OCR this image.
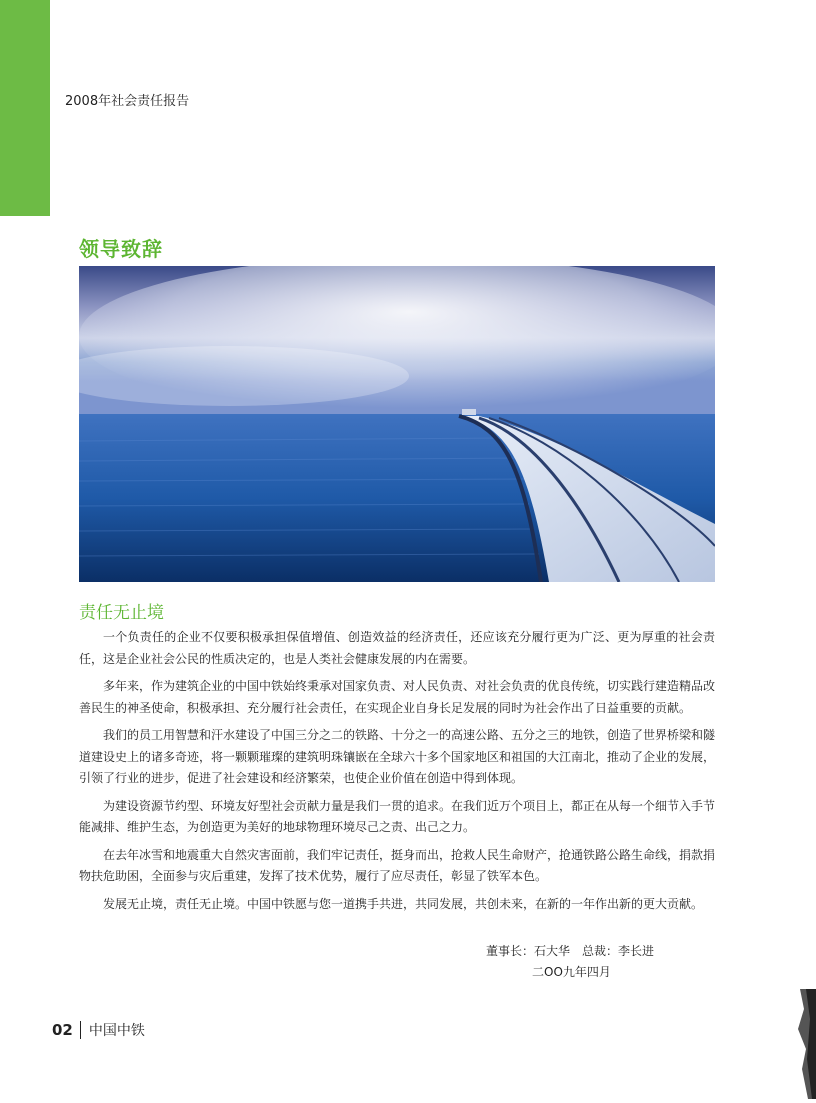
2008年社会责任报告
领导致辞
责任无止境

一个负责任的企业不仅要积极承担保值增值、创造效益的经济责任，还应该充分履行更为广泛、更为厚重的社会责任，这是企业社会公民的性质决定的，也是人类社会健康发展的内在需要。

多年来，作为建筑企业的中国中铁始终秉承对国家负责、对人民负责、对社会负责的优良传统，切实践行建造精品改善民生的神圣使命，积极承担、充分履行社会责任，在实现企业自身长足发展的同时为社会作出了日益重要的贡献。

我们的员工用智慧和汗水建设了中国三分之二的铁路、十分之一的高速公路、五分之三的地铁，创造了世界桥梁和隧道建设史上的诸多奇迹，将一颗颗璀璨的建筑明珠镶嵌在全球六十多个国家地区和祖国的大江南北，推动了企业的发展，引领了行业的进步，促进了社会建设和经济繁荣，也使企业价值在创造中得到体现。

为建设资源节约型、环境友好型社会贡献力量是我们一贯的追求。在我们近万个项目上，都正在从每一个细节入手节能减排、维护生态，为创造更为美好的地球物理环境尽己之责、出己之力。

在去年冰雪和地震重大自然灾害面前，我们牢记责任，挺身而出，抢救人民生命财产，抢通铁路公路生命线，捐款捐物扶危助困，全面参与灾后重建，发挥了技术优势，履行了应尽责任，彰显了铁军本色。

发展无止境，责任无止境。中国中铁愿与您一道携手共进，共同发展，共创未来，在新的一年作出新的更大贡献。

董事长：石大华　总裁：李长进
二OO九年四月
02 中国中铁
